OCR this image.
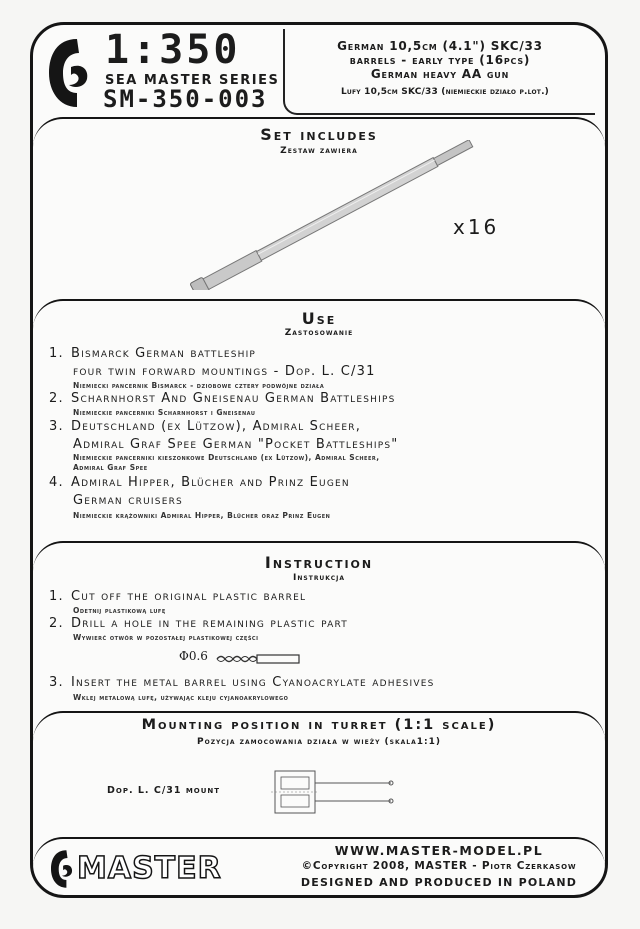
1:350
SEA MASTER SERIES
SM-350-003
German 10,5cm (4.1") SKC/33
barrels - early type (16pcs)
German heavy AA gun
Lufy 10,5cm SKC/33 (niemieckie działo p.lot.)
Set includes
Zestaw zawiera
x16
Use
Zastosowanie
1. Bismarck German battleship
four twin forward mountings - Dop. L. C/31
Niemiecki pancernik Bismarck - dziobowe cztery podwójne działa
2. Scharnhorst And Gneisenau German Battleships
Niemieckie pancerniki Scharnhorst i Gneisenau
3. Deutschland (ex Lützow), Admiral Scheer,
Admiral Graf Spee German "Pocket Battleships"
Niemieckie pancerniki kieszonkowe Deutschland (ex Lützow), Admiral Scheer,
Admiral Graf Spee
4. Admiral Hipper, Blücher and Prinz Eugen
German cruisers
Niemieckie krążowniki Admiral Hipper, Blücher oraz Prinz Eugen
Instruction
Instrukcja
1. Cut off the original plastic barrel
Odetnij plastikową lufę
2. Drill a hole in the remaining plastic part
Wywierć otwór w pozostałej plastikowej części
Φ0.6
3. Insert the metal barrel using Cyanoacrylate adhesives
Wklej metalową lufę, używając kleju cyjanoakrylowego
Mounting position in turret (1:1 scale)
Pozycja zamocowania działa w wieży (skala1:1)
Dop. L. C/31 mount
MASTER
WWW.MASTER-MODEL.PL
©Copyright 2008, MASTER - Piotr Czerkasow
DESIGNED AND PRODUCED IN POLAND
